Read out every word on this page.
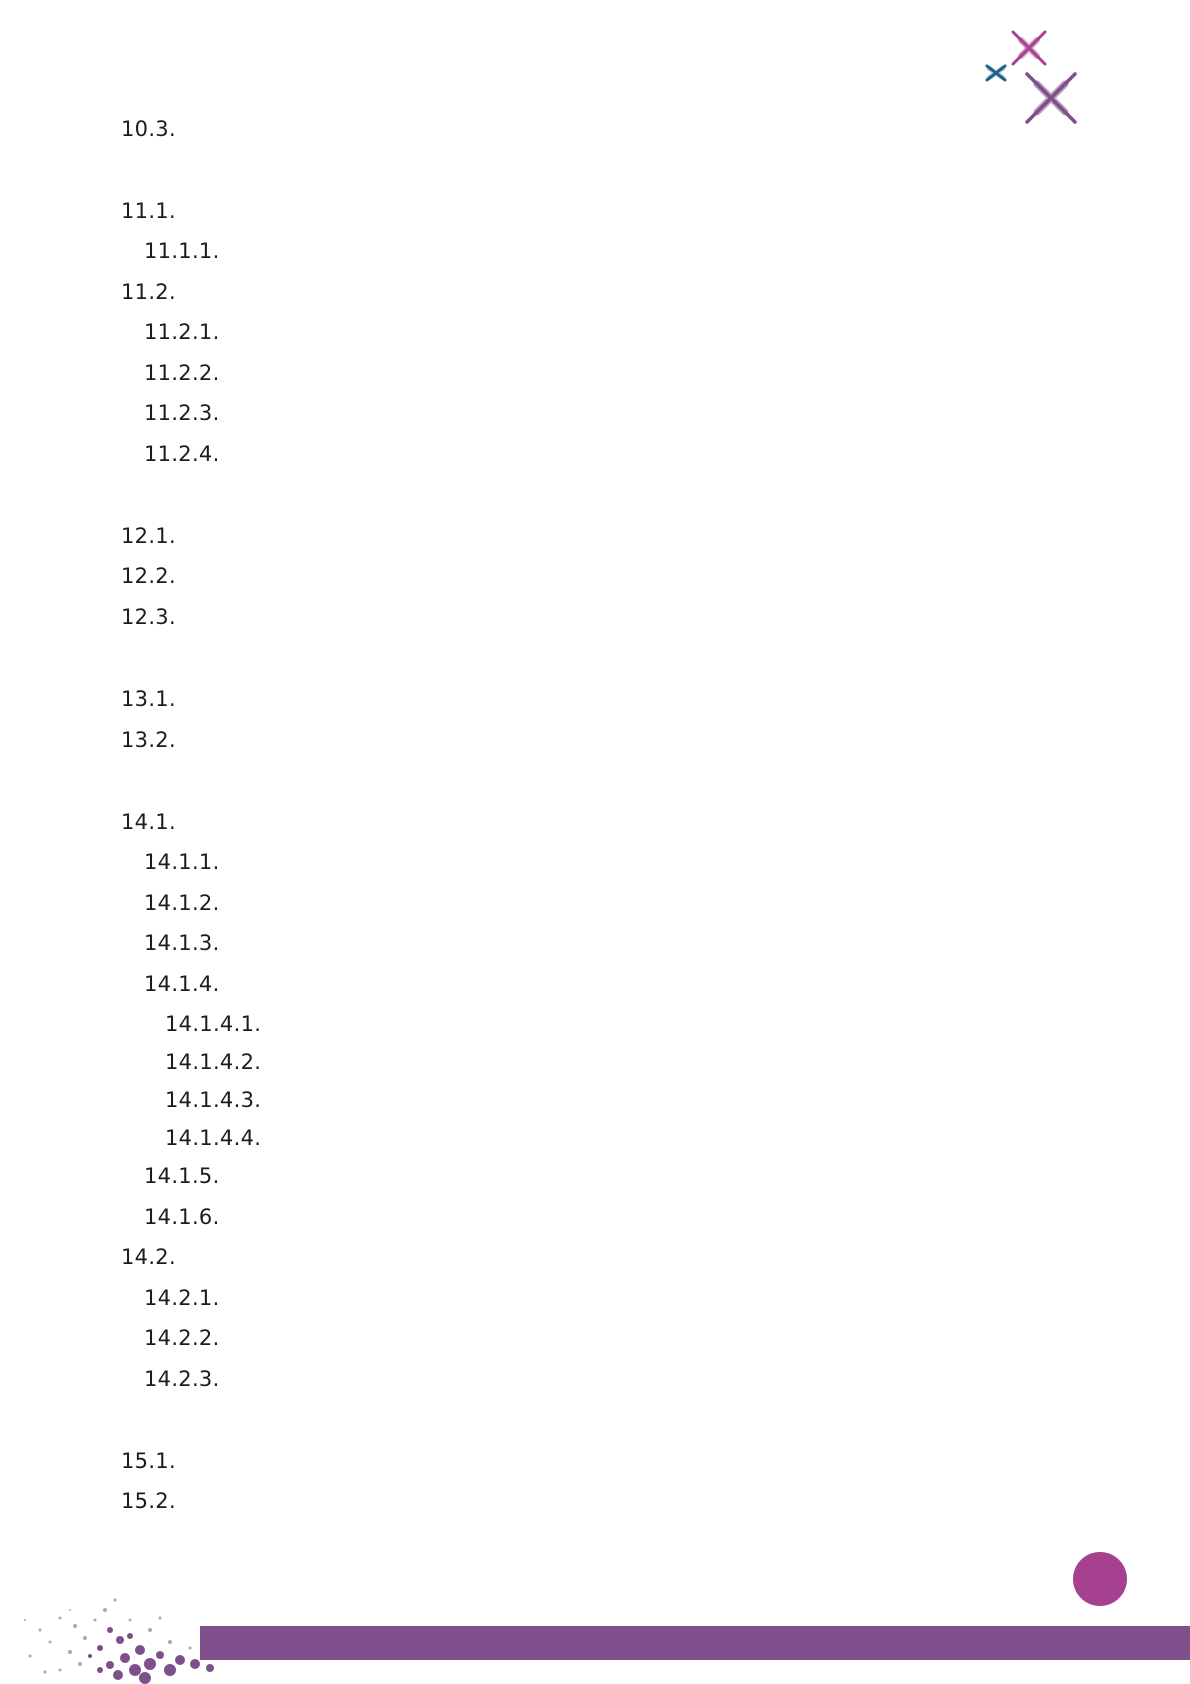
10.3.
11.1.
11.1.1.
11.2.
11.2.1.
11.2.2.
11.2.3.
11.2.4.
12.1.
12.2.
12.3.
13.1.
13.2.
14.1.
14.1.1.
14.1.2.
14.1.3.
14.1.4.
14.1.4.1.
14.1.4.2.
14.1.4.3.
14.1.4.4.
14.1.5.
14.1.6.
14.2.
14.2.1.
14.2.2.
14.2.3.
15.1.
15.2.
